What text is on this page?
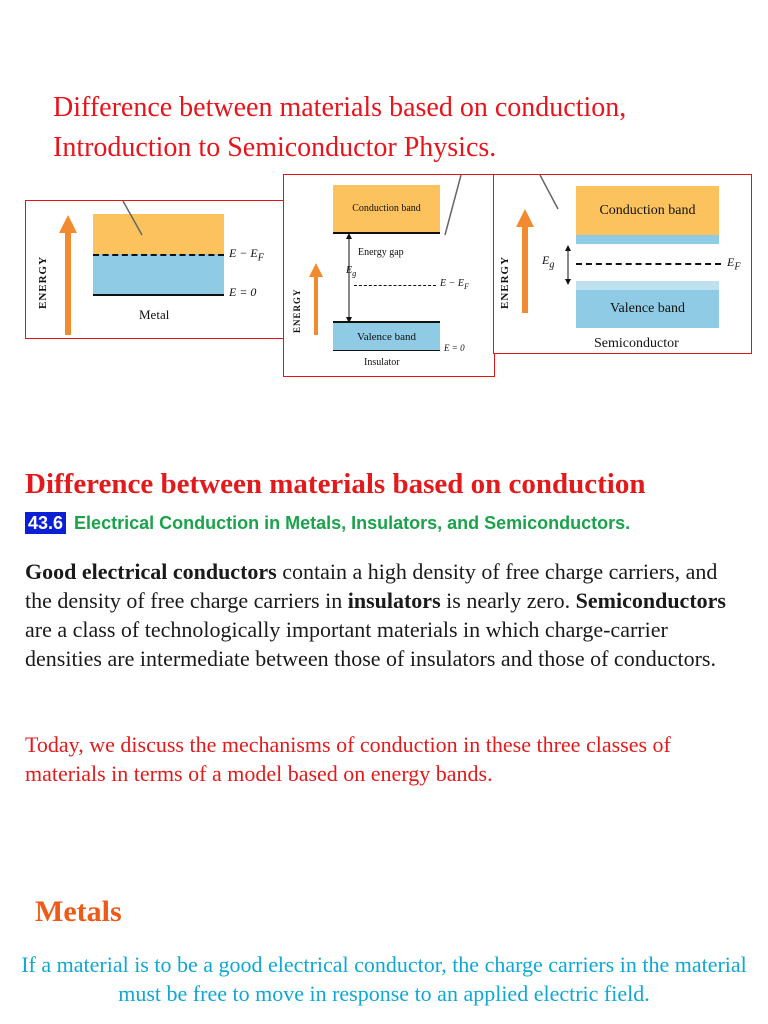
Difference between materials based on conduction,
Introduction to Semiconductor Physics.
ENERGY
$E - E_F$
E = 0
Metal	ENERGY
Conduction band
Energy gap
$E_g$
$E - E_F$
Valence band
E = 0
Insulator
ENERGY
Conduction band
Valence band
$E_g$	$E_F$
Semiconductor
Difference between materials based on conduction
43.6 Electrical Conduction in Metals, Insulators, and Semiconductors.

Good electrical conductors contain a high density of free charge carriers, and the density of free charge carriers in insulators is nearly zero. Semiconductors are a class of technologically important materials in which charge-carrier densities are intermediate between those of insulators and those of conductors.

Today, we discuss the mechanisms of conduction in these three classes of materials in terms of a model based on energy bands.

Metals

If a material is to be a good electrical conductor, the charge carriers in the material must be free to move in response to an applied electric field.
